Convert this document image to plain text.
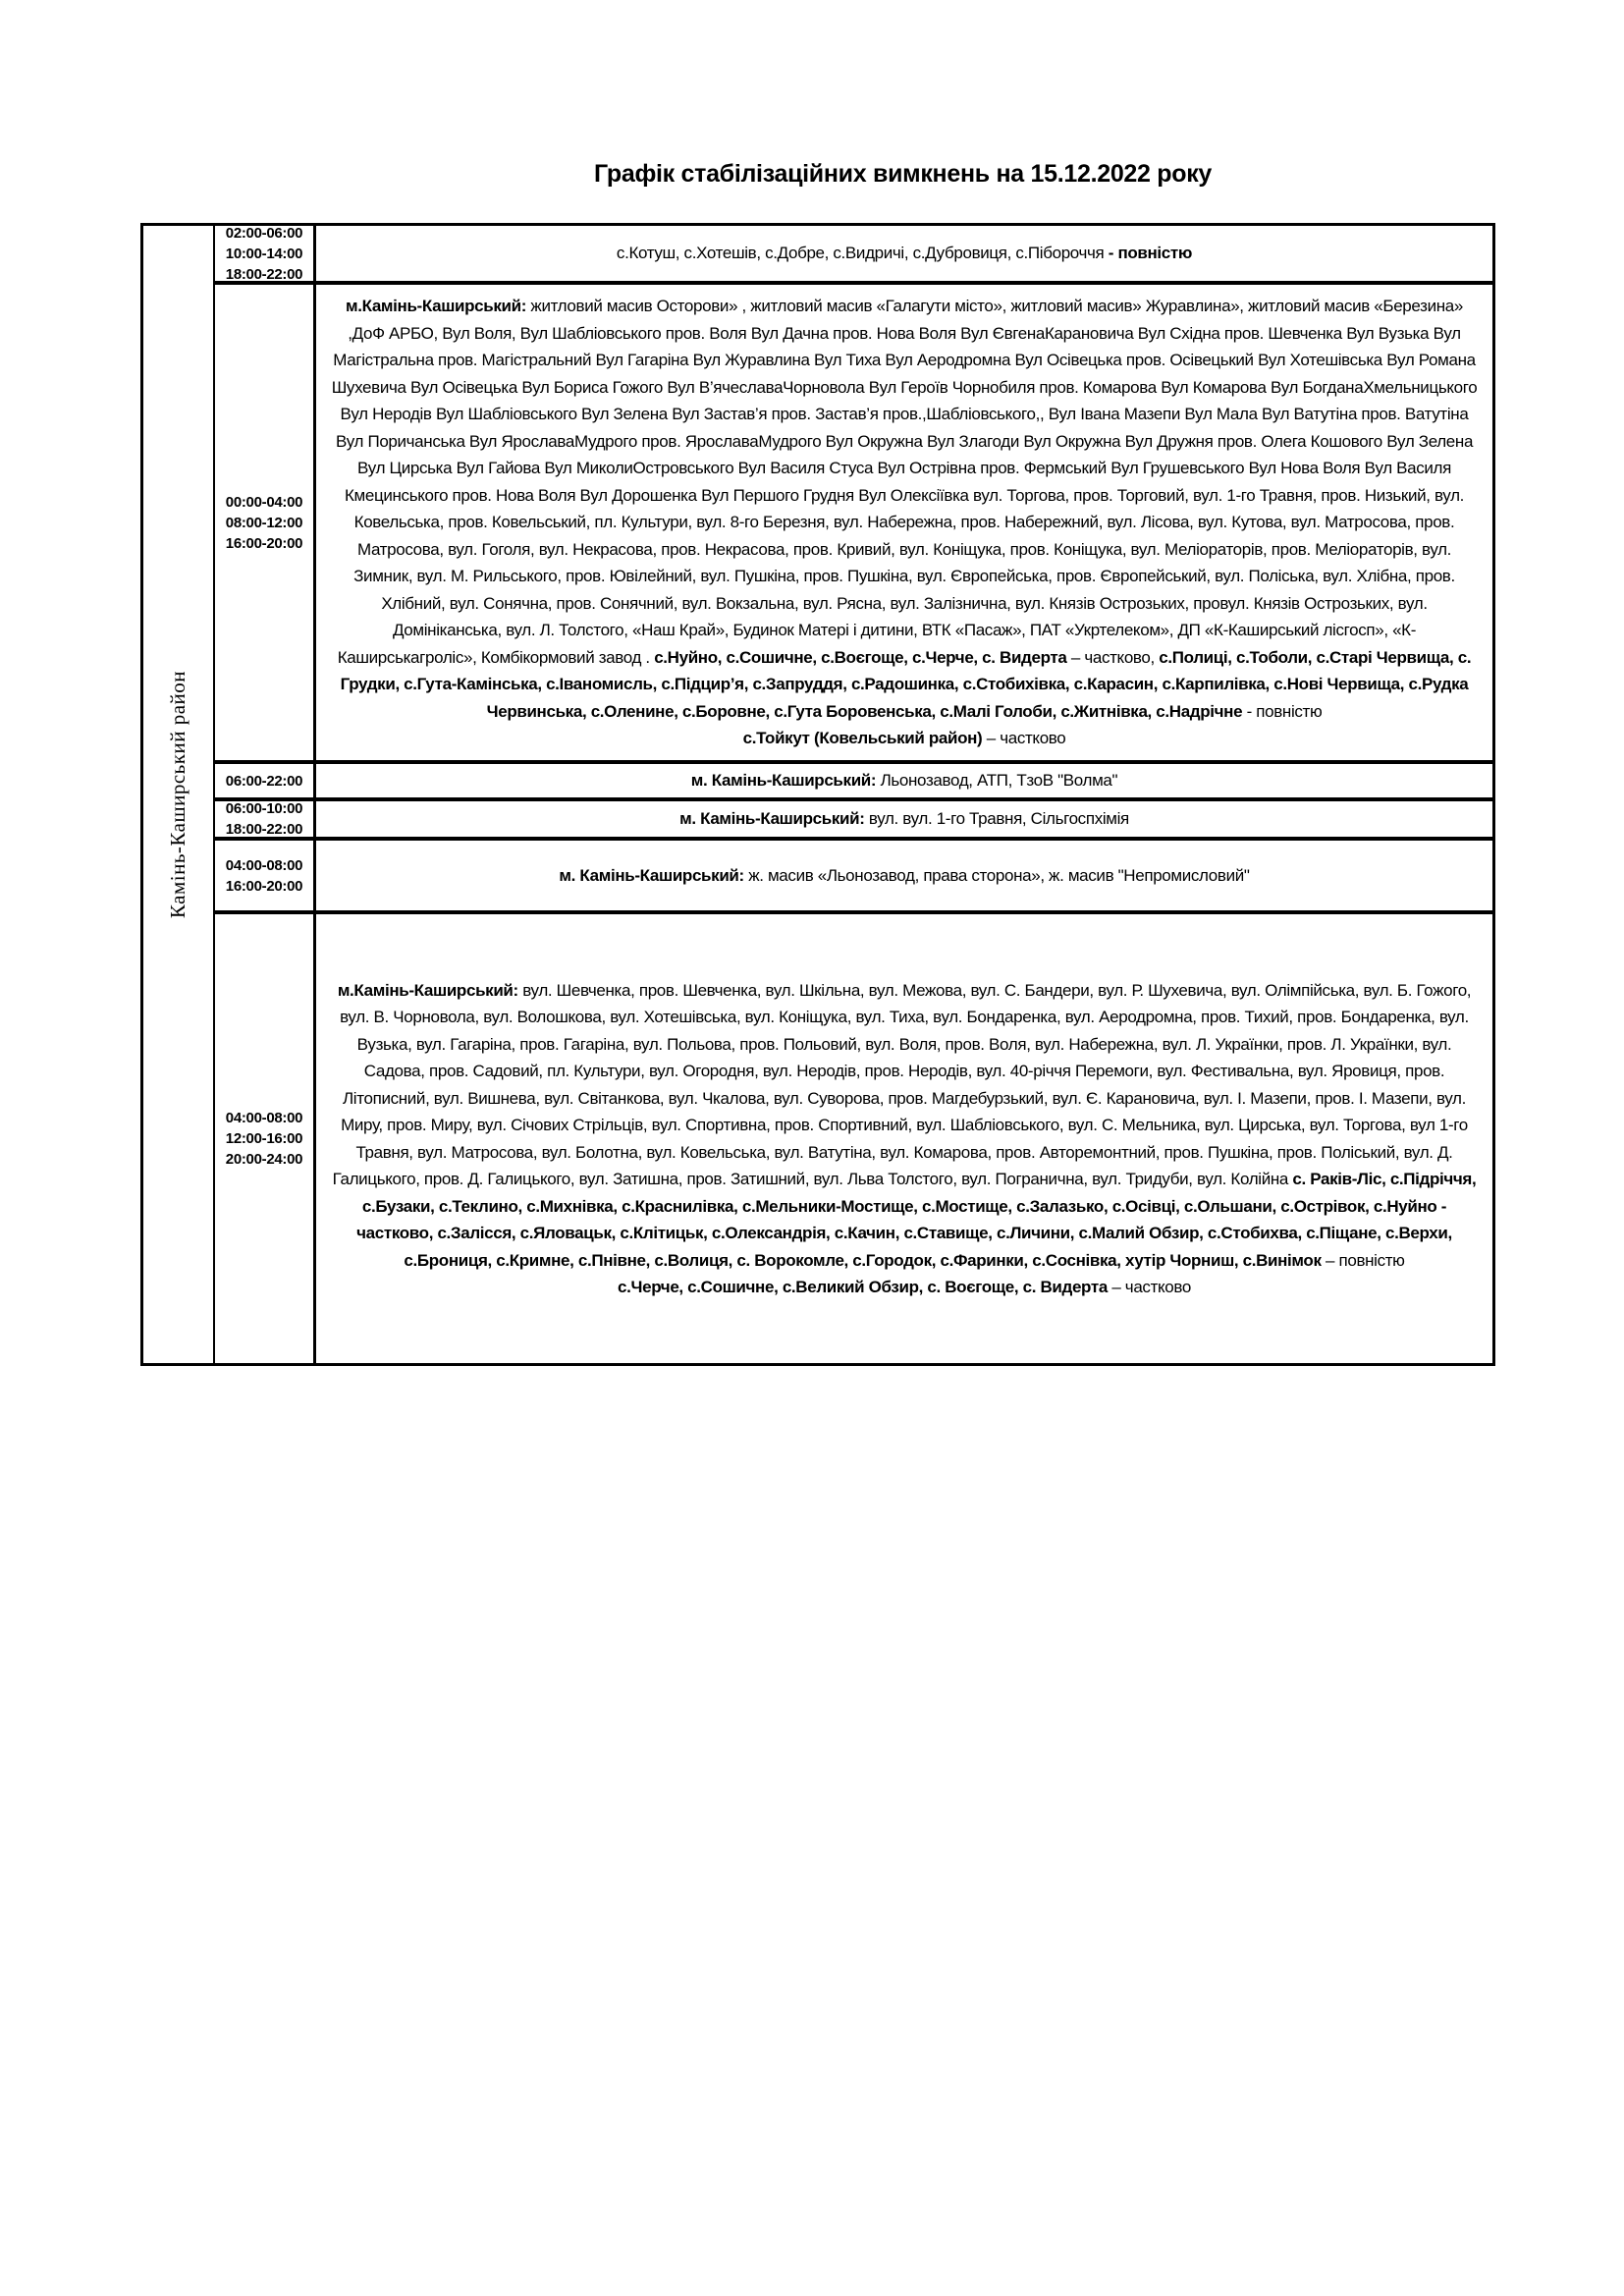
Графік стабілізаційних вимкнень на 15.12.2022 року
Камінь-Каширський район
02:00-06:00
10:00-14:00
18:00-22:00
с.Котуш, с.Хотешів, с.Добре, с.Видричі, с.Дубровиця, с.Пібороччя - повністю
00:00-04:00
08:00-12:00
16:00-20:00
м.Камінь-Каширський: житловий масив Осторови» , житловий масив «Галагути місто», житловий масив» Журавлина», житловий масив «Березина» ,ДоФ АРБО, Вул Воля, Вул Шабліовського пров. Воля Вул Дачна пров. Нова Воля Вул ЄвгенаКарановича Вул Східна пров. Шевченка Вул Вузька Вул Магістральна пров. Магістральний Вул Гагаріна Вул Журавлина Вул Тиха Вул Аеродромна Вул Осівецька пров. Осівецький Вул Хотешівська Вул Романа Шухевича Вул Осівецька Вул Бориса Гожого Вул В’ячеславаЧорновола Вул Героїв Чорнобиля пров. Комарова Вул Комарова Вул БогданаХмельницького Вул Неродів Вул Шабліовського Вул Зелена Вул Застав’я пров. Застав’я пров.,Шабліовського,, Вул Івана Мазепи Вул Мала Вул Ватутіна пров. Ватутіна Вул Поричанська Вул ЯрославаМудрого пров. ЯрославаМудрого Вул Окружна Вул Злагоди Вул Окружна Вул Дружня пров. Олега Кошового Вул Зелена Вул Цирська Вул Гайова Вул МиколиОстровського Вул Василя Стуса Вул Острівна пров. Фермський Вул Грушевського Вул Нова Воля Вул Василя Кмецинського пров. Нова Воля Вул Дорошенка Вул Першого Грудня Вул Олексіївка вул. Торгова, пров. Торговий, вул. 1-го Травня, пров. Низький, вул. Ковельська, пров. Ковельський, пл. Культури, вул. 8-го Березня, вул. Набережна, пров. Набережний, вул. Лісова, вул. Кутова, вул. Матросова, пров. Матросова, вул. Гоголя, вул. Некрасова, пров. Некрасова, пров. Кривий, вул. Коніщука, пров. Коніщука, вул. Меліораторів, пров. Меліораторів, вул. Зимник, вул. М. Рильського, пров. Ювілейний, вул. Пушкіна, пров. Пушкіна, вул. Європейська, пров. Європейський, вул. Поліська, вул. Хлібна, пров. Хлібний, вул. Сонячна, пров. Сонячний, вул. Вокзальна, вул. Рясна, вул. Залізнична, вул. Князів Острозьких, провул. Князів Острозьких, вул. Домініканська, вул. Л. Толстого, «Наш Край», Будинок Матері і дитини, ВТК «Пасаж», ПАТ «Укртелеком», ДП «К-Каширський лісгосп», «К-Каширськагроліс», Комбікормовий завод . с.Нуйно, с.Сошичне, с.Воєгоще, с.Черче, с. Видерта – частково, с.Полиці, с.Тоболи, с.Старі Червища, с. Грудки, с.Гута-Камінська, с.Іваномисль, с.Підцир’я, с.Запруддя, с.Радошинка, с.Стобихівка, с.Карасин, с.Карпилівка, с.Нові Червища, с.Рудка Червинська, с.Оленине, с.Боровне, с.Гута Боровенська, с.Малі Голоби, с.Житнівка, с.Надрічне - повністю
с.Тойкут (Ковельський район) – частково
06:00-22:00	м. Камінь-Каширський: Льонозавод, АТП, ТзоВ "Волма"
06:00-10:00
18:00-22:00
м. Камінь-Каширський: вул. вул. 1-го Травня, Сільгоспхімія
04:00-08:00
16:00-20:00
м. Камінь-Каширський: ж. масив «Льонозавод, права сторона», ж. масив "Непромисловий"
04:00-08:00
12:00-16:00
20:00-24:00
м.Камінь-Каширський: вул. Шевченка, пров. Шевченка, вул. Шкільна, вул. Межова, вул. С. Бандери, вул. Р. Шухевича, вул. Олімпійська, вул. Б. Гожого, вул. В. Чорновола, вул. Волошкова, вул. Хотешівська, вул. Коніщука, вул. Тиха, вул. Бондаренка, вул. Аеродромна, пров. Тихий, пров. Бондаренка, вул. Вузька, вул. Гагаріна, пров. Гагаріна, вул. Польова, пров. Польовий, вул. Воля, пров. Воля, вул. Набережна, вул. Л. Українки, пров. Л. Українки, вул. Садова, пров. Садовий, пл. Культури, вул. Огородня, вул. Неродів, пров. Неродів, вул. 40-річчя Перемоги, вул. Фестивальна, вул. Яровиця, пров. Літописний, вул. Вишнева, вул. Світанкова, вул. Чкалова, вул. Суворова, пров. Магдебурзький, вул. Є. Карановича, вул. І. Мазепи, пров. І. Мазепи, вул. Миру, пров. Миру, вул. Січових Стрільців, вул. Спортивна, пров. Спортивний, вул. Шабліовського, вул. С. Мельника, вул. Цирська, вул. Торгова, вул 1-го Травня, вул. Матросова, вул. Болотна, вул. Ковельська, вул. Ватутіна, вул. Комарова, пров. Авторемонтний, пров. Пушкіна, пров. Поліський, вул. Д. Галицького, пров. Д. Галицького, вул. Затишна, пров. Затишний, вул. Льва Толстого, вул. Погранична, вул. Тридуби, вул. Колійна с. Раків-Ліс, с.Підріччя, с.Бузаки, с.Теклино, с.Михнівка, с.Краснилівка, с.Мельники-Мостище, с.Мостище, с.Залазько, с.Осівці, с.Ольшани, с.Острівок, с.Нуйно - частково, с.Залісся, с.Яловацьк, с.Клітицьк, с.Олександрія, с.Качин, с.Ставище, с.Личини, с.Малий Обзир, с.Стобихва, с.Піщане, с.Верхи, с.Брониця, с.Кримне, с.Пнівне, с.Волиця, с. Ворокомле, с.Городок, с.Фаринки, с.Соснівка, хутір Чорниш, с.Винімок – повністю
с.Черче, с.Сошичне, с.Великий Обзир, с. Воєгоще, с. Видерта – частково
